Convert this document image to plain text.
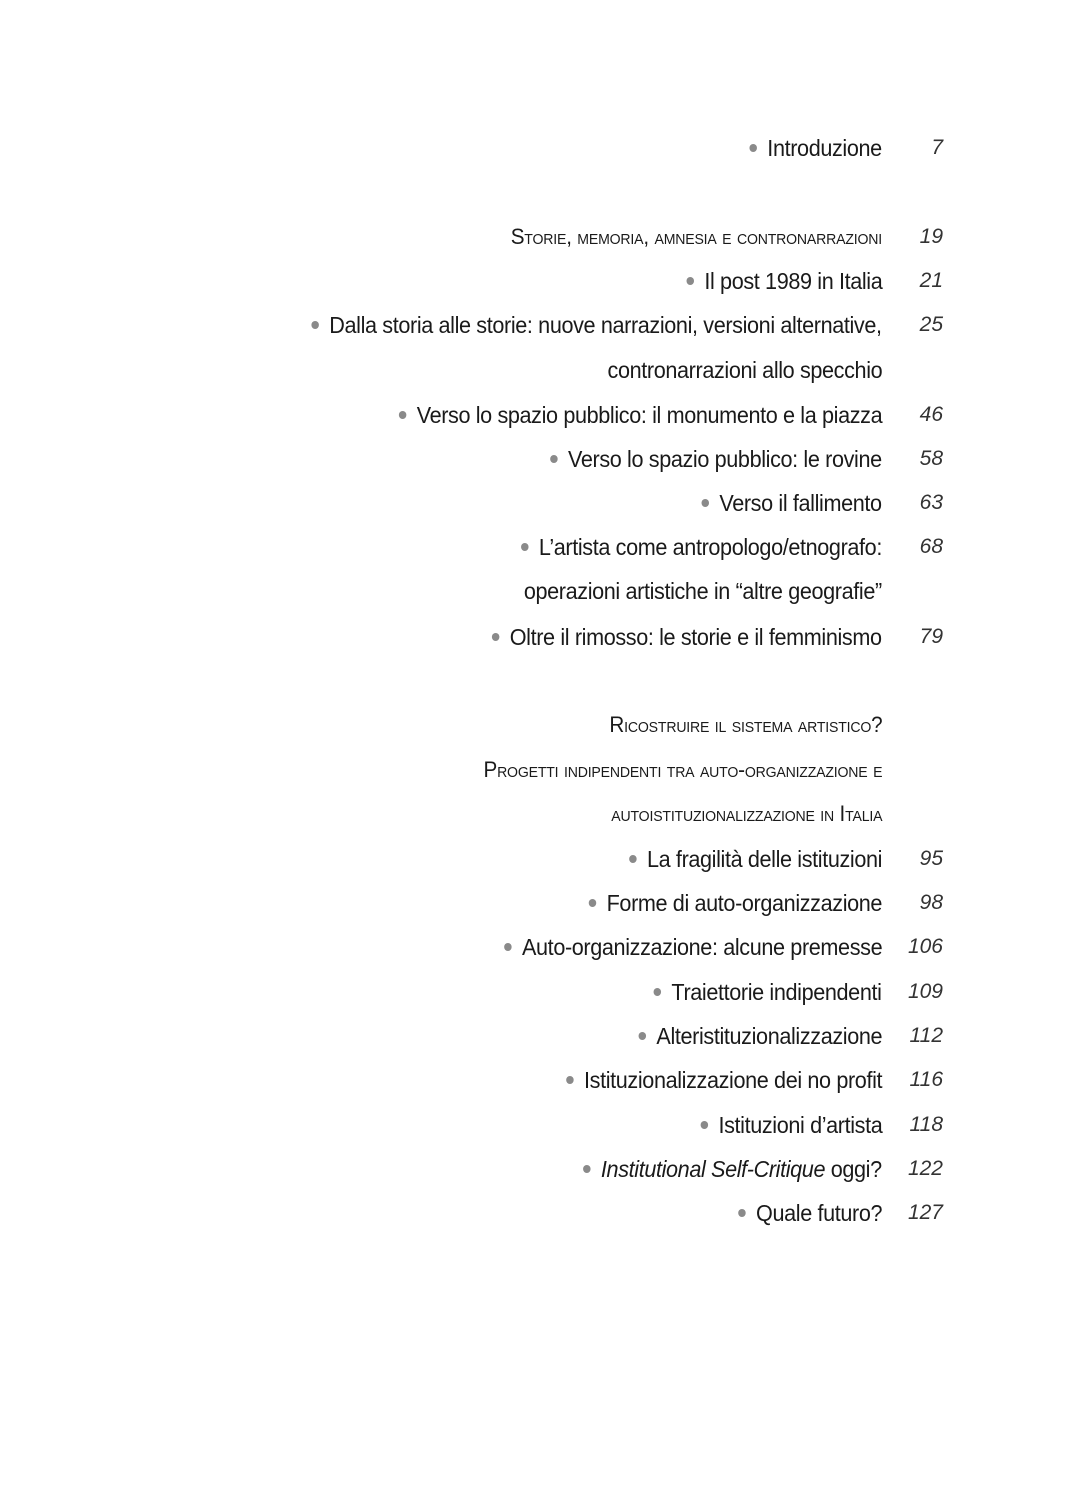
Introduzione 7
Storie, memoria, amnesia e contronarrazioni 19
Il post 1989 in Italia 21
Dalla storia alle storie: nuove narrazioni, versioni alternative, 25
contronarrazioni allo specchio
Verso lo spazio pubblico: il monumento e la piazza 46
Verso lo spazio pubblico: le rovine 58
Verso il fallimento 63
L’artista come antropologo/etnografo: 68
operazioni artistiche in “altre geografie”
Oltre il rimosso: le storie e il femminismo 79
Ricostruire il sistema artistico?
Progetti indipendenti tra auto-organizzazione e
autoistituzionalizzazione in Italia
La fragilità delle istituzioni 95
Forme di auto-organizzazione 98
Auto-organizzazione: alcune premesse 106
Traiettorie indipendenti 109
Alteristituzionalizzazione 112
Istituzionalizzazione dei no profit 116
Istituzioni d’artista 118
Institutional Self-Critique oggi? 122
Quale futuro? 127
